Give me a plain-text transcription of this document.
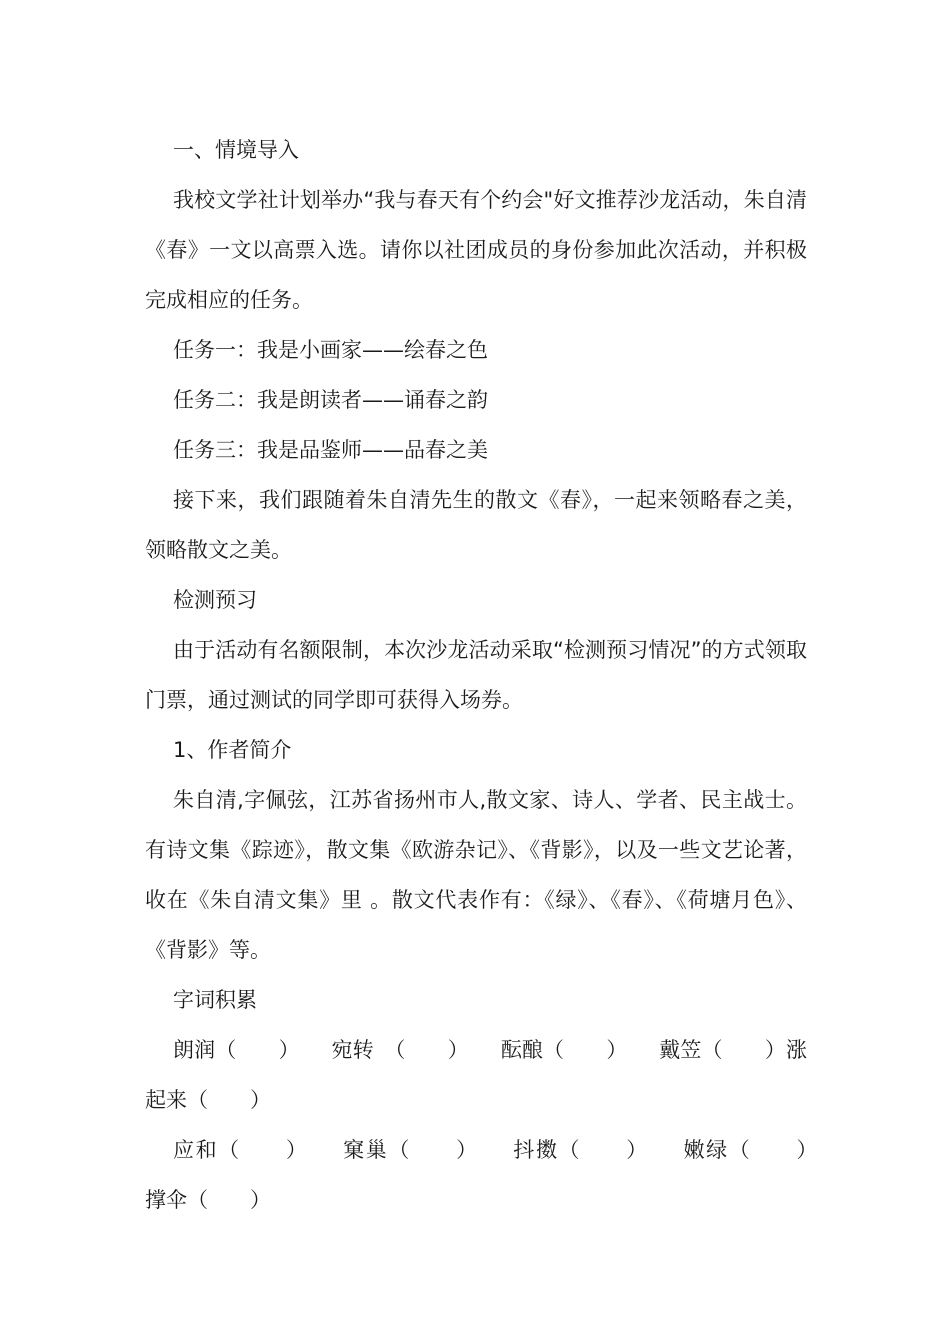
一、情境导入

我校文学社计划举办“我与春天有个约会"好文推荐沙龙活动，朱自清《春》一文以高票入选。请你以社团成员的身份参加此次活动，并积极完成相应的任务。

任务一：我是小画家——绘春之色

任务二：我是朗读者——诵春之韵

任务三：我是品鉴师——品春之美

接下来，我们跟随着朱自清先生的散文《春》，一起来领略春之美，领略散文之美。

检测预习

由于活动有名额限制，本次沙龙活动采取“检测预习情况”的方式领取门票，通过测试的同学即可获得入场券。

1、作者简介

朱自清,字佩弦，江苏省扬州市人,散文家、诗人、学者、民主战士。有诗文集《踪迹》，散文集《欧游杂记》、《背影》，以及一些文艺论著，收在《朱自清文集》里 。散文代表作有：《绿》、《春》、《荷塘月色》、《背影》等。

字词积累

朗润（　　）　　宛转　（　　）　　酝酿（　　）　　戴笠（　　）涨起来（　　）

应和（　　）　　窠巢（　　）　　抖擞（　　）　　嫩绿（　　）　　撑伞（　　）
